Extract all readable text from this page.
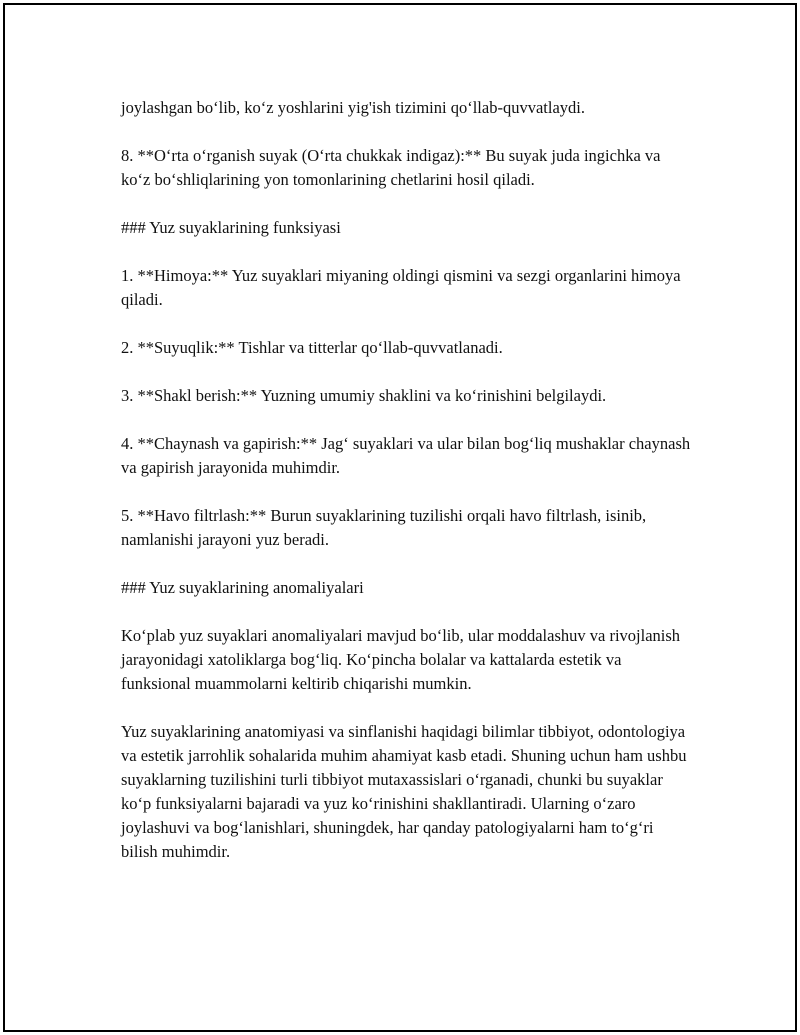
joylashgan bo‘lib, ko‘z yoshlarini yig'ish tizimini qo‘llab-quvvatlaydi.

8. **O‘rta o‘rganish suyak (O‘rta chukkak indigaz):** Bu suyak juda ingichka va ko‘z bo‘shliqlarining yon tomonlarining chetlarini hosil qiladi.

### Yuz suyaklarining funksiyasi

1. **Himoya:** Yuz suyaklari miyaning oldingi qismini va sezgi organlarini himoya qiladi.

2. **Suyuqlik:** Tishlar va titterlar qo‘llab-quvvatlanadi.

3. **Shakl berish:** Yuzning umumiy shaklini va ko‘rinishini belgilaydi.

4. **Chaynash va gapirish:** Jag‘ suyaklari va ular bilan bog‘liq mushaklar chaynash va gapirish jarayonida muhimdir.

5. **Havo filtrlash:** Burun suyaklarining tuzilishi orqali havo filtrlash, isinib, namlanishi jarayoni yuz beradi.

### Yuz suyaklarining anomaliyalari

Ko‘plab yuz suyaklari anomaliyalari mavjud bo‘lib, ular moddalashuv va rivojlanish jarayonidagi xatoliklarga bog‘liq. Ko‘pincha bolalar va kattalarda estetik va funksional muammolarni keltirib chiqarishi mumkin.

Yuz suyaklarining anatomiyasi va sinflanishi haqidagi bilimlar tibbiyot, odontologiya va estetik jarrohlik sohalarida muhim ahamiyat kasb etadi. Shuning uchun ham ushbu suyaklarning tuzilishini turli tibbiyot mutaxassislari o‘rganadi, chunki bu suyaklar ko‘p funksiyalarni bajaradi va yuz ko‘rinishini shakllantiradi. Ularning o‘zaro joylashuvi va bog‘lanishlari, shuningdek, har qanday patologiyalarni ham to‘g‘ri bilish muhimdir.
